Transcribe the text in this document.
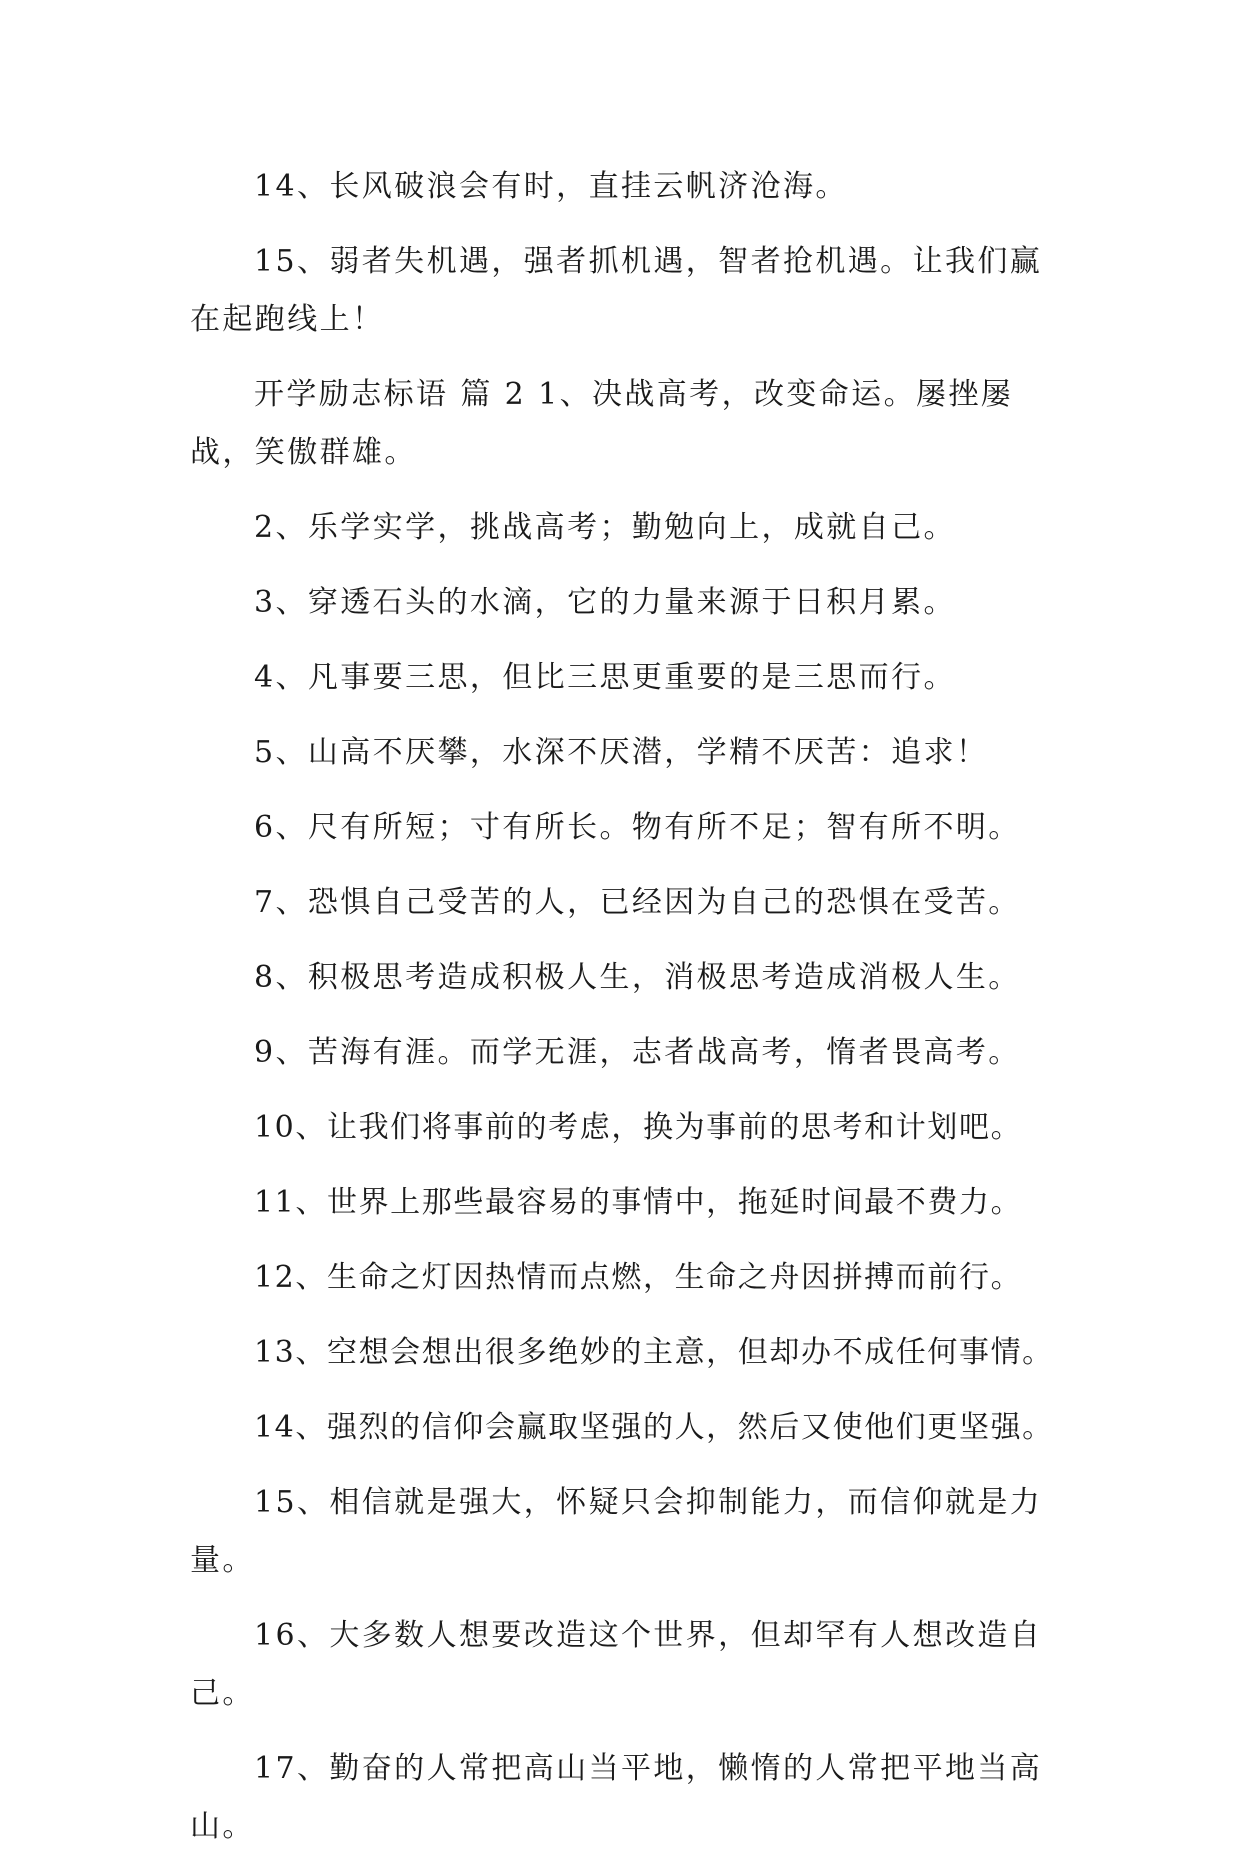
14、长风破浪会有时，直挂云帆济沧海。

15、弱者失机遇，强者抓机遇，智者抢机遇。让我们赢在起跑线上！

开学励志标语 篇 2 1、决战高考，改变命运。屡挫屡战，笑傲群雄。

2、乐学实学，挑战高考；勤勉向上，成就自己。

3、穿透石头的水滴，它的力量来源于日积月累。

4、凡事要三思，但比三思更重要的是三思而行。

5、山高不厌攀，水深不厌潜，学精不厌苦：追求！

6、尺有所短；寸有所长。物有所不足；智有所不明。

7、恐惧自己受苦的人，已经因为自己的恐惧在受苦。

8、积极思考造成积极人生，消极思考造成消极人生。

9、苦海有涯。而学无涯，志者战高考，惰者畏高考。

10、让我们将事前的考虑，换为事前的思考和计划吧。

11、世界上那些最容易的事情中，拖延时间最不费力。

12、生命之灯因热情而点燃，生命之舟因拼搏而前行。

13、空想会想出很多绝妙的主意，但却办不成任何事情。

14、强烈的信仰会赢取坚强的人，然后又使他们更坚强。

15、相信就是强大，怀疑只会抑制能力，而信仰就是力量。

16、大多数人想要改造这个世界，但却罕有人想改造自己。

17、勤奋的人常把高山当平地，懒惰的人常把平地当高山。
